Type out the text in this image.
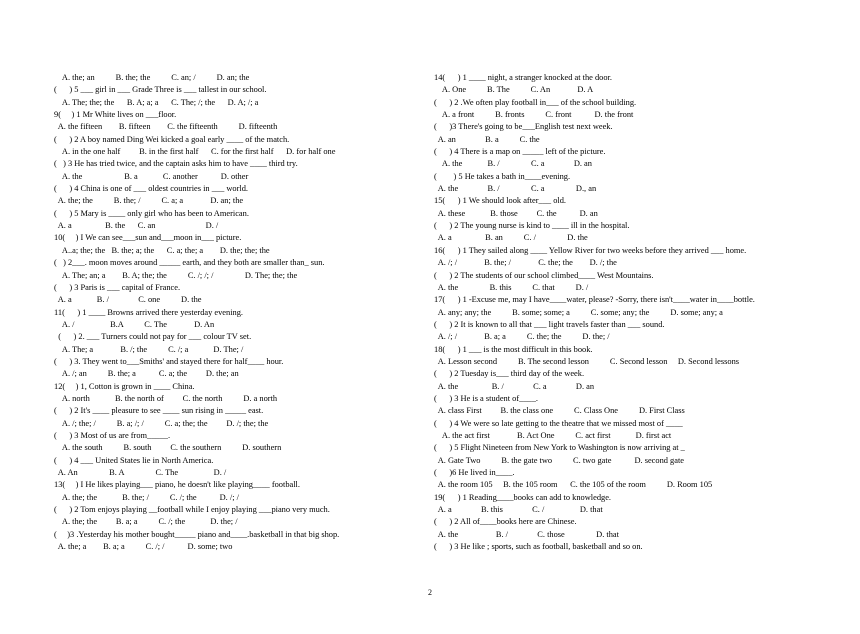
A. the; an          B. the; the          C. an; /          D. an; the
(      ) 5 ___ girl in ___ Grade Three is ___ tallest in our school.
A. The; the; the      B. A; a; a      C. The; /; the      D. A; /; a
9(     ) 1 Mr White lives on ___floor.
A. the fifteen        B. fifteen        C. the fifteenth          D. fifteenth
(      ) 2 A boy named Ding Wei kicked a goal early ____ of the match.
A. in the one half         B. in the first half      C. for the first half      D. for half one
(   ) 3 He has tried twice, and the captain asks him to have ____ third try.
A. the                    B. a            C. another           D. other
(      ) 4 China is one of ___ oldest countries in ___ world.
A. the; the          B. the; /          C. a; a             D. an; the
(      ) 5 Mary is ____ only girl who has been to American.
A. a                B. the      C. an                        D. /
10(     ) I We can see___sun and___moon in___ picture.
A..a; the; the   B. the; a; the      C. a; the; a        D. the; the; the
(   ) 2___. moon moves around _____ earth, and they both are smaller than_ sun.
A. The; an; a        B. A; the; the          C. /; /; /               D. The; the; the
(      ) 3 Paris is ___ capital of France.
A. a            B. /              C. one          D. the
11(      ) 1 ____ Browns arrived there yesterday evening.
A. /                 B.A          C. The             D. An
(      ) 2. ___ Turners could not pay for ___ colour TV set.
A. The; a             B. /; the          C. /; a            D. The; /
(      ) 3. They went to___Smiths' and stayed there for half____ hour.
A. /; an          B. the; a           C. a; the         D. the; an
12(     ) 1, Cotton is grown in ____ China.
A. north            B. the north of         C. the north          D. a north
(      ) 2 It's ____ pleasure to see ____ sun rising in _____ east.
A. /; the; /          B. a; /; /          C. a; the; the         D. /; the; the
(      ) 3 Most of us are from_____.
A. the south          B. south         C. the southern          D. southern
(      ) 4 ___ United States lie in North America.
A. An               B. A               C. The                 D. /
13(     ) I He likes playing___ piano, he doesn't like playing____ football.
A. the; the            B. the; /          C. /; the           D. /; /
(      ) 2 Tom enjoys playing __football while I enjoy playing ___piano very much.
A. the; the         B. a; a          C. /; the            D. the; /
(     )3 .Yesterday his mother bought_____ piano and____.basketball in that big shop.
A. the; a        B. a; a          C. /; /           D. some; two
14(      ) 1 ____ night, a stranger knocked at the door.
A. One          B. The          C. An             D. A
(      ) 2 .We often play football in___ of the school building.
A. a front          B. fronts          C. front           D. the front
(      )3 There's going to be___English test next week.
A. an              B. a          C. the
(      ) 4 There is a map on _____ left of the picture.
A. the            B. /               C. a              D. an
(        ) 5 He takes a bath in____evening.
A. the              B. /               C. a               D., an
15(      ) 1 We should look after___ old.
A. these            B. those         C. the           D. an
(      ) 2 The young nurse is kind to ____ ill in the hospital.
A. a                B. an          C. /               D. the
16(      ) 1 They sailed along ____ Yellow River for two weeks before they arrived ___ home.
A. /; /             B. the; /             C. the; the        D. /; the
(      ) 2 The students of our school climbed____ West Mountains.
A. the               B. this          C. that          D. /
17(      ) 1 -Excuse me, may I have____water, please? -Sorry, there isn't____water in____bottle.
A. any; any; the          B. some; some; a          C. some; any; the          D. some; any; a
(      ) 2 It is known to all that ___ light travels faster than ___ sound.
A. /; /             B. a; a          C. the; the          D. the; /
18(      ) 1 ___ is the most difficult in this book.
A. Lesson second          B. The second lesson          C. Second lesson     D. Second lessons
(      ) 2 Tuesday is___ third day of the week.
A. the                B. /              C. a              D. an
(      ) 3 He is a student of____.
A. class First         B. the class one          C. Class One          D. First Class
(      ) 4 We were so late getting to the theatre that we missed most of ____
A. the act first             B. Act One          C. act first            D. first act
(      ) 5 Flight Nineteen from New York to Washington is now arriving at _
A. Gate Two          B. the gate two          C. two gate           D. second gate
(      )6 He lived in____.
A. the room 105     B. the 105 room      C. the 105 of the room          D. Room 105
19(      ) 1 Reading____books can add to knowledge.
A. a              B. this              C. /                 D. that
(      ) 2 All of____books here are Chinese.
A. the                  B. /              C. those               D. that
(      ) 3 He like ; sports, such as football, basketball and so on.
2
